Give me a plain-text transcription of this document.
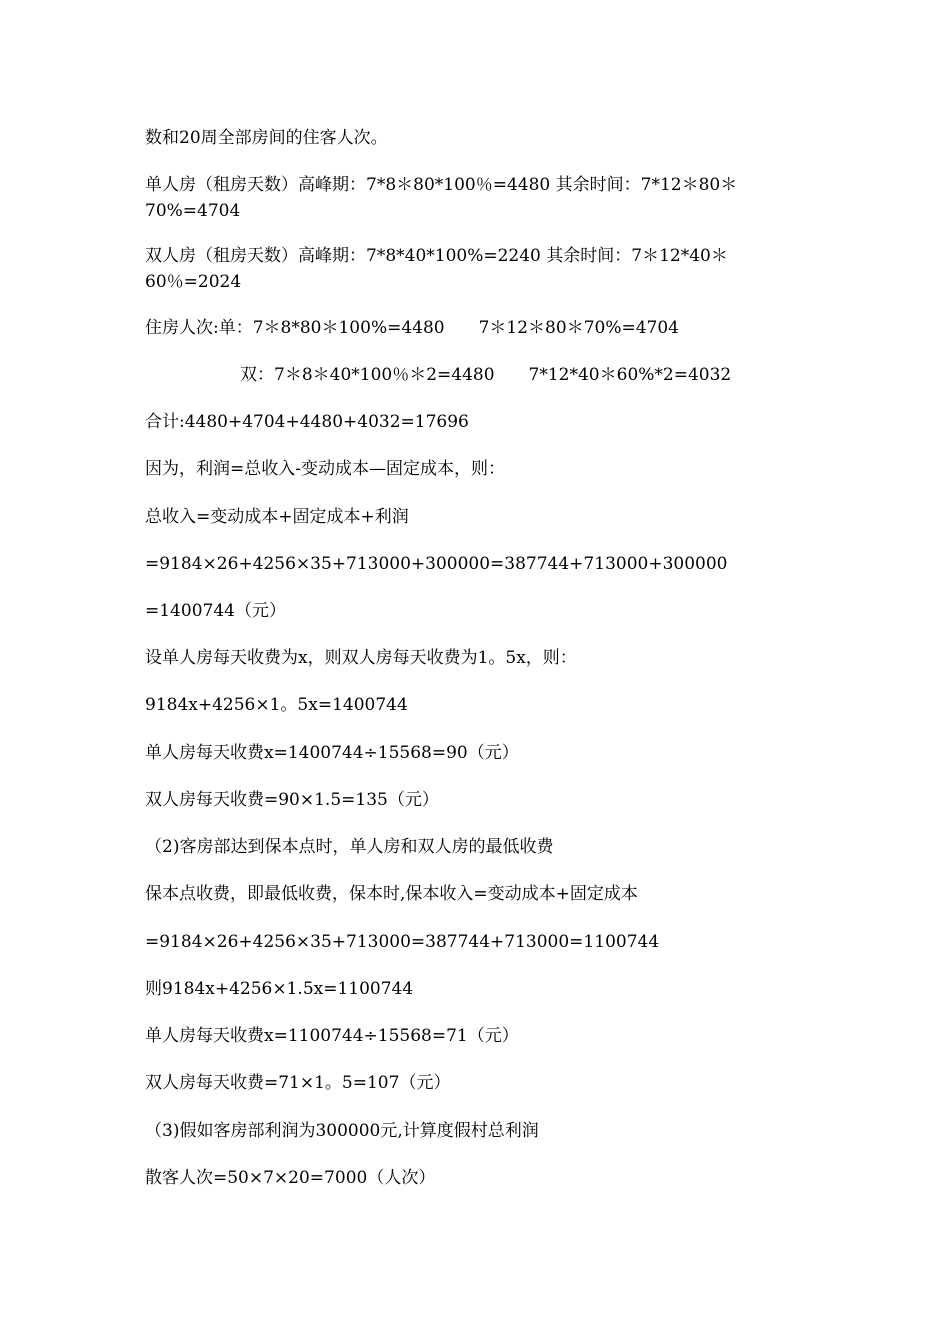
数和20周全部房间的住客人次。
单人房（租房天数）高峰期：7*8＊80*100％=4480 其余时间：7*12＊80＊70%=4704
双人房（租房天数）高峰期：7*8*40*100%=2240 其余时间：7＊12*40＊60％=2024
住房人次:单：7＊8*80＊100%=4480 7＊12＊80＊70%=4704
双：7＊8＊40*100％＊2=4480 7*12*40＊60%*2=4032
合计:4480+4704+4480+4032=17696
因为，利润=总收入-变动成本—固定成本，则：
总收入=变动成本+固定成本+利润
=9184×26+4256×35+713000+300000=387744+713000+300000
=1400744（元）
设单人房每天收费为x，则双人房每天收费为1。5x，则：
9184x+4256×1。5x=1400744
单人房每天收费x=1400744÷15568=90（元）
双人房每天收费=90×1.5=135（元）
（2)客房部达到保本点时，单人房和双人房的最低收费
保本点收费，即最低收费，保本时,保本收入=变动成本+固定成本
=9184×26+4256×35+713000=387744+713000=1100744
则9184x+4256×1.5x=1100744
单人房每天收费x=1100744÷15568=71（元）
双人房每天收费=71×1。5=107（元）
（3)假如客房部利润为300000元,计算度假村总利润
散客人次=50×7×20=7000（人次）
